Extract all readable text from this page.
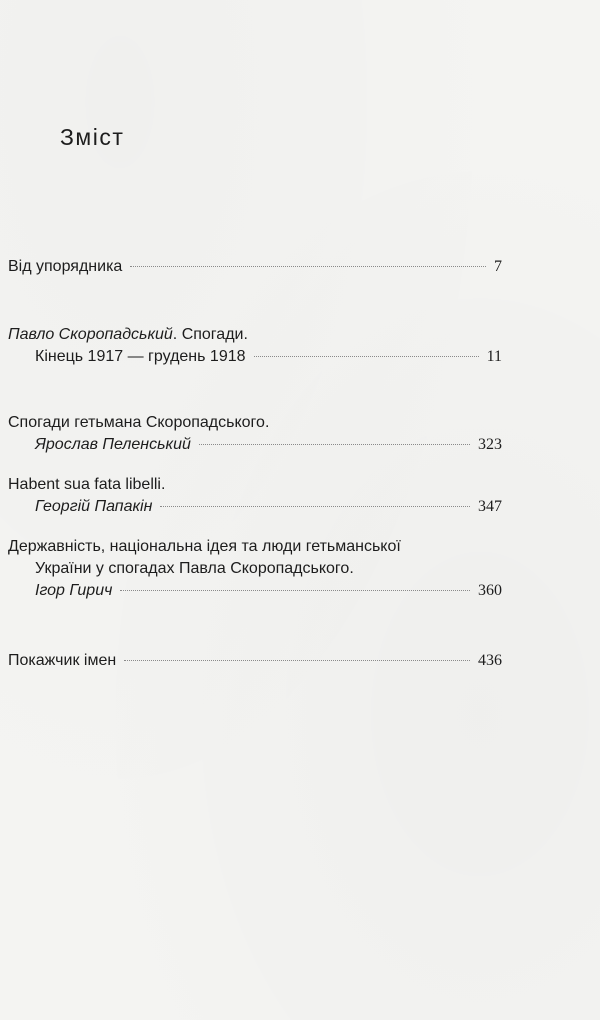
Зміст
Від упорядника	7
Павло Скоропадський. Спогади.
Кінець 1917 — грудень 1918	11
Спогади гетьмана Скоропадського.
Ярослав Пеленський	323
Habent sua fata libelli.
Георгій Папакін	347
Державність, національна ідея та люди гетьманської
України у спогадах Павла Скоропадського.
Ігор Гирич	360
Покажчик імен	436
